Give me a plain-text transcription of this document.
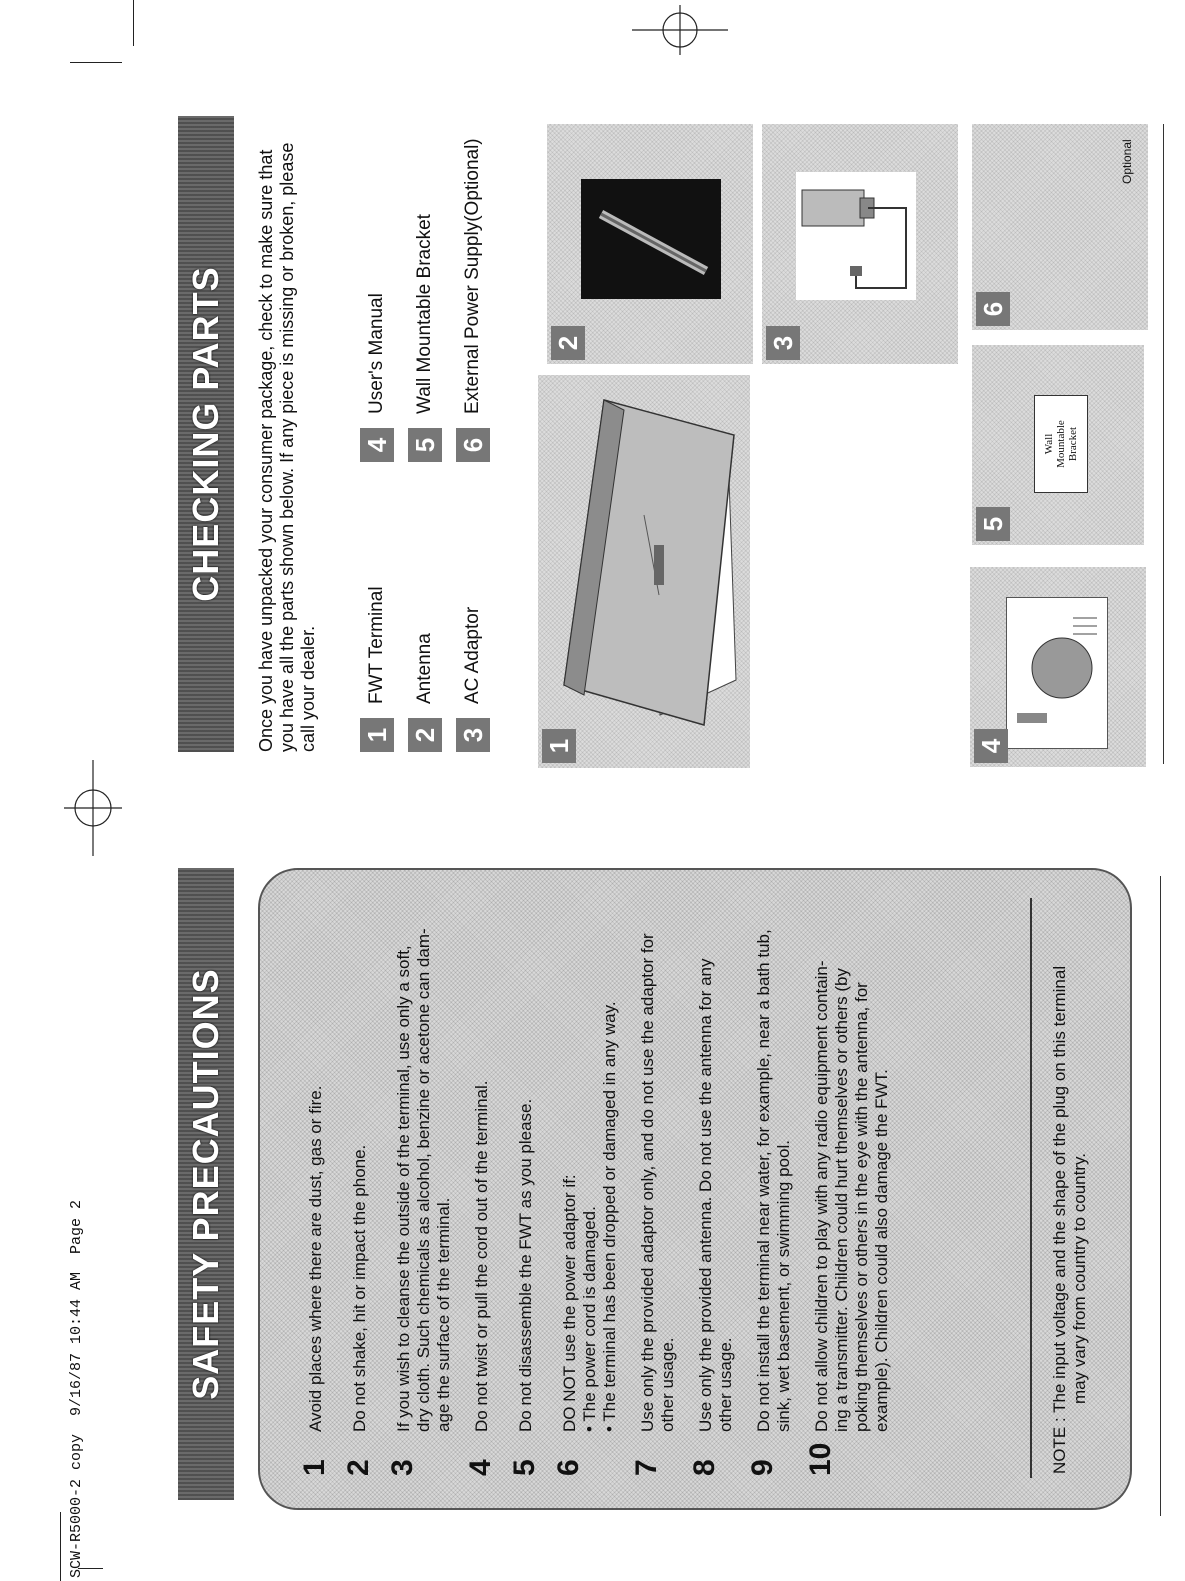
SCW-R5000-2 copy  9/16/87 10:44 AM  Page 2	SAFETY PRECAUTIONS
1
Avoid places where there are dust, gas or fire.
2
Do not shake, hit or impact the phone.
3
If you wish to cleanse the outside of the terminal, use only a soft,
dry cloth. Such chemicals as alcohol, benzine or acetone can dam-
age the surface of the terminal.
4
Do not twist or pull the cord out of the terminal.
5
Do not disassemble the FWT as you please.
6
DO NOT use the power adaptor if:
• The power cord is damaged.
• The terminal has been dropped or damaged in any way.
7
Use only the provided adaptor only, and do not use the adaptor for
other usage.
8
Use only the provided antenna. Do not use the antenna for any
other usage.
9
Do not install the terminal near water, for example, near a bath tub,
sink, wet basement, or swimming pool.
10
Do not allow children to play with any radio equipment contain-
ing a transmitter. Children could hurt themselves or others (by
poking themselves or others in the eye with the antenna, for
example). Children could also damage the FWT.	NOTE : The input voltage and the shape of the plug on this terminal
may vary from country to country.
CHECKING PARTS	Once you have unpacked your consumer package, check to make sure that
you have all the parts shown below. If any piece is missing or broken, please
call your dealer. 1
FWT Terminal
2
Antenna
3
AC Adaptor
4
User's Manual
5
Wall Mountable Bracket
6
External Power Supply(Optional)
1
2	3
4
Wall Mountable Bracket
5
Optional
6
